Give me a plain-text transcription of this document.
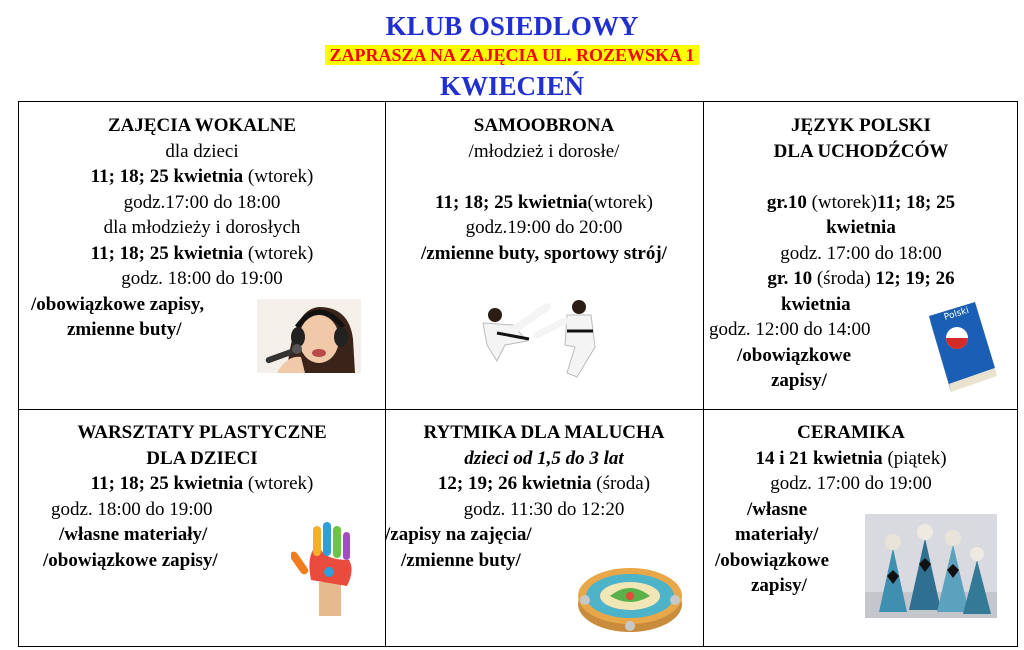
KLUB OSIEDLOWY
ZAPRASZA NA ZAJĘCIA UL. ROZEWSKA 1
KWIECIEŃ

ZAJĘCIA WOKALNE

dla dzieci

11; 18; 25 kwietnia (wtorek)

godz.17:00 do 18:00

dla młodzieży i dorosłych

11; 18; 25 kwietnia (wtorek)

godz. 18:00 do 19:00

/obowiązkowe zapisy,

zmienne buty/

SAMOOBRONA

/młodzież i dorosłe/

11; 18; 25 kwietnia(wtorek)

godz.19:00 do 20:00

/zmienne buty, sportowy strój/

JĘZYK POLSKI

DLA UCHODŹCÓW

gr.10 (wtorek)11; 18; 25

kwietnia

godz. 17:00 do 18:00

gr. 10 (środa) 12; 19; 26

kwietnia

godz. 12:00 do 14:00

/obowiązkowe

zapisy/

Polski

WARSZTATY PLASTYCZNE

DLA DZIECI

11; 18; 25 kwietnia (wtorek)

godz. 18:00 do 19:00

/własne materiały/

/obowiązkowe zapisy/

RYTMIKA DLA MALUCHA

dzieci od 1,5 do 3 lat

12; 19; 26 kwietnia (środa)

godz. 11:30 do 12:20

/zapisy na zajęcia/

/zmienne buty/

CERAMIKA

14 i 21 kwietnia (piątek)

godz. 17:00 do 19:00

/własne

materiały/

/obowiązkowe

zapisy/
